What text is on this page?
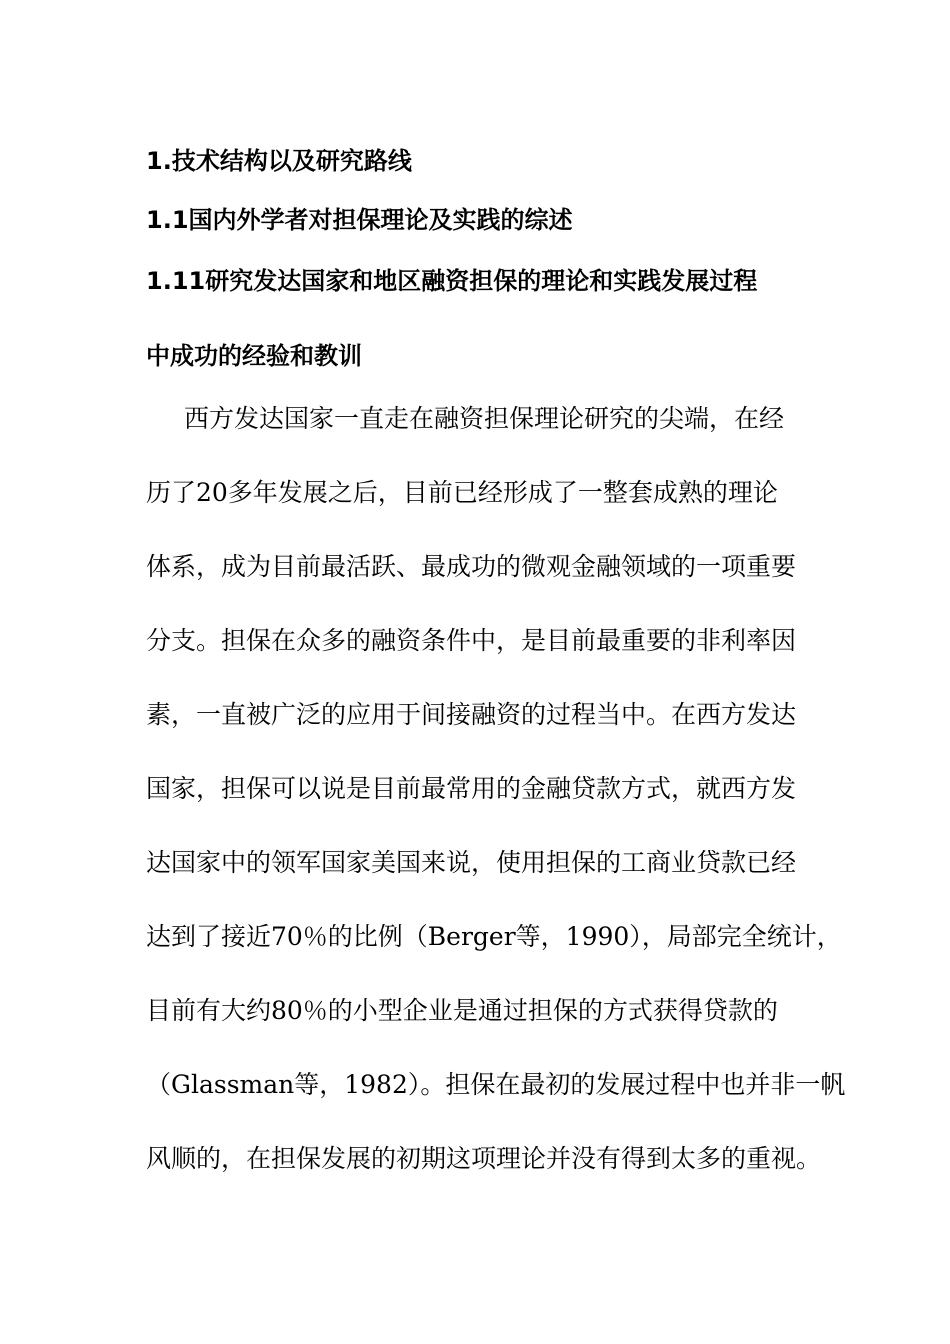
1.技术结构以及研究路线
1.1国内外学者对担保理论及实践的综述
1.11研究发达国家和地区融资担保的理论和实践发展过程
中成功的经验和教训

西方发达国家一直走在融资担保理论研究的尖端，在经

历了20多年发展之后，目前已经形成了一整套成熟的理论

体系，成为目前最活跃、最成功的微观金融领域的一项重要

分支。担保在众多的融资条件中，是目前最重要的非利率因

素，一直被广泛的应用于间接融资的过程当中。在西方发达

国家，担保可以说是目前最常用的金融贷款方式，就西方发

达国家中的领军国家美国来说，使用担保的工商业贷款已经

达到了接近70％的比例（Berger等，1990），局部完全统计，

目前有大约80％的小型企业是通过担保的方式获得贷款的

（Glassman等，1982）。担保在最初的发展过程中也并非一帆

风顺的，在担保发展的初期这项理论并没有得到太多的重视。
